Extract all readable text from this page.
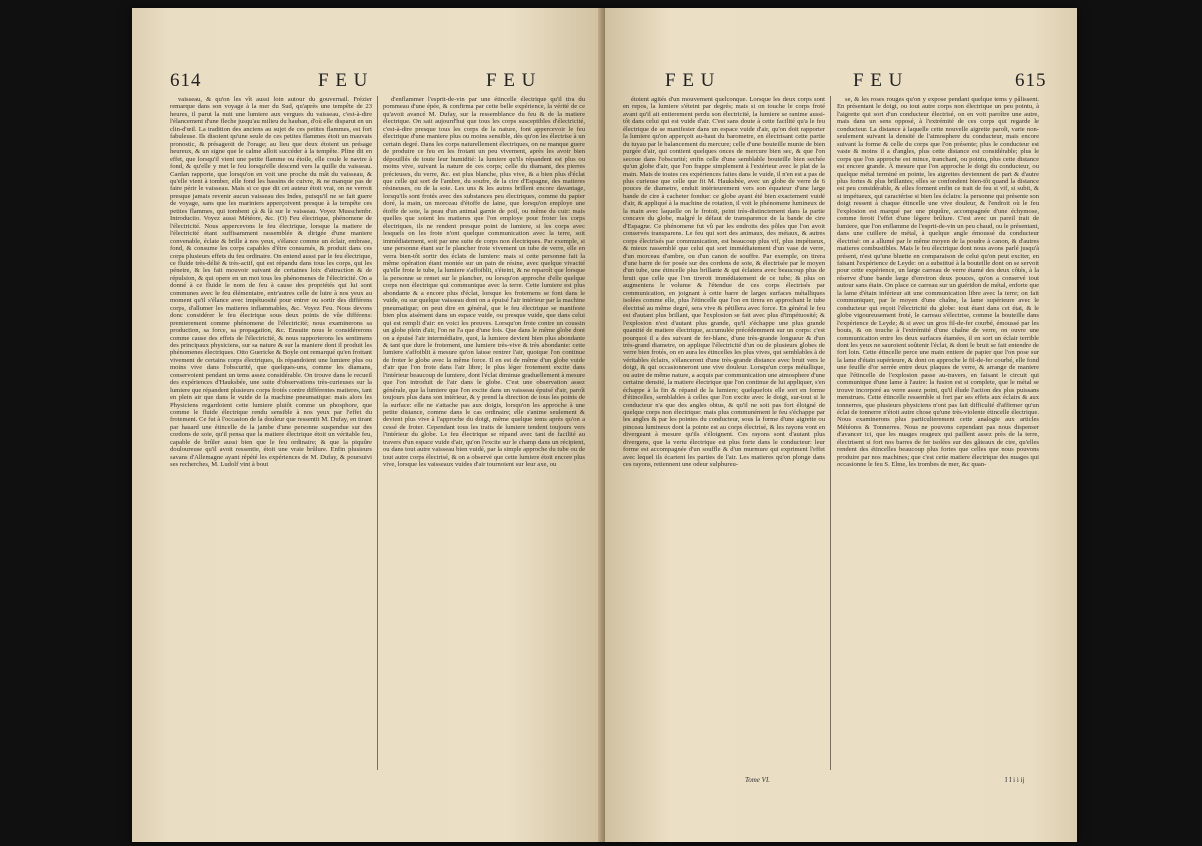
614	F E U	F E U

vaisseau, & qu'on les vît aussi loin autour du gouvernail. Frézier remarque dans son voyage à la mer du Sud, qu'après une tempête de 23 heures, il parut la nuit une lumiere aux vergues du vaisseau, c'est-à-dire l'élancement d'une fleche jusqu'au milieu du hauban, d'où elle disparut en un clin-d'œil. La tradition des anciens au sujet de ces petites flammes, est fort fabuleuse. Ils disoient qu'une seule de ces petites flammes étoit un mauvais pronostic, & présageoit de l'orage; au lieu que deux étoient un présage heureux, & un signe que le calme alloit succéder à la tempête. Pline dit en effet, que lorsqu'il vient une petite flamme ou étoile, elle coule le navire à fond, & qu'elle y met le feu lorsqu'elle descend vers la quille du vaisseau. Cardan rapporte, que lorsqu'on en voit une proche du mât du vaisseau, & qu'elle vient à tomber, elle fond les bassins de cuivre, & ne manque pas de faire périr le vaisseau. Mais si ce que dit cet auteur étoit vrai, on ne verroit presque jamais revenir aucun vaisseau des Indes, puisqu'il ne se fait guere de voyage, sans que les mariniers apperçoivent presque à la tempête ces petites flammes, qui tombent çà & là sur le vaisseau. Voyez Musschenbr. Introductio. Voyez aussi Météore, &c. (O) Feu électrique, phénomene de l'électricité. Nous appercevons le feu électrique, lorsque la matiere de l'électricité étant suffisamment rassemblée & dirigée d'une maniere convenable, éclate & brille à nos yeux, s'élance comme un éclair, embrase, fond, & consume les corps capables d'être consumés, & produit dans ces corps plusieurs effets du feu ordinaire. On entend aussi par le feu électrique, ce fluide très-délié & très-actif, qui est répandu dans tous les corps, qui les pénetre, & les fait mouvoir suivant de certaines loix d'attraction & de répulsion, & qui opere en un mot tous les phénomenes de l'électricité. On a donné à ce fluide le nom de feu à cause des propriétés qui lui sont communes avec le feu élémentaire, entr'autres celle de luire à nos yeux au moment qu'il s'élance avec impétuosité pour entrer ou sortir des différens corps, d'allumer les matieres inflammables, &c. Voyez Feu. Nous devons donc considérer le feu électrique sous deux points de vûe différens: premierement comme phénomene de l'électricité; nous examinerons sa production, sa force, sa propagation, &c. Ensuite nous le considérerons comme cause des effets de l'électricité, & nous rapporterons les sentimens des principaux physiciens, sur sa nature & sur la maniere dont il produit les phénomenes électriques. Otto Guericke & Boyle ont remarqué qu'en frottant vivement de certains corps électriques, ils répandoient une lumiere plus ou moins vive dans l'obscurité, que quelques-uns, comme les diamans, conservoient pendant un tems assez considérable. On trouve dans le recueil des expériences d'Hauksbée, une suite d'observations très-curieuses sur la lumiere que répandent plusieurs corps frotés contre différentes matieres, tant en plein air que dans le vuide de la machine pneumatique: mais alors les Physiciens regardoient cette lumiere plutôt comme un phosphore, que comme le fluide électrique rendu sensible à nos yeux par l'effet du frotement. Ce fut à l'occasion de la douleur que ressentit M. Dufay, en tirant par hasard une étincelle de la jambe d'une personne suspendue sur des cordons de soie, qu'il pensa que la matiere électrique étoit un véritable feu, capable de brûler aussi bien que le feu ordinaire; & que la piquûre douloureuse qu'il avoit ressentie, étoit une vraie brûlure. Enfin plusieurs savans d'Allemagne ayant répété les expériences de M. Dufay, & poursuivi ses recherches, M. Ludolf vint à bout

d'enflammer l'esprit-de-vin par une étincelle électrique qu'il tira du pommeau d'une épée, & confirma par cette belle expérience, la vérité de ce qu'avoit avancé M. Dufay, sur la ressemblance du feu & de la matiere électrique. On sait aujourd'hui que tous les corps susceptibles d'électricité, c'est-à-dire presque tous les corps de la nature, font appercevoir le feu électrique d'une maniere plus ou moins sensible, dès qu'on les électrise à un certain degré. Dans les corps naturellement électriques, on ne manque guere de produire ce feu en les frotant un peu vivement, après les avoir bien dépouillés de toute leur humidité: la lumiere qu'ils répandent est plus ou moins vive, suivant la nature de ces corps; celle du diamant, des pierres précieuses, du verre, &c. est plus blanche, plus vive, & a bien plus d'éclat que celle qui sort de l'ambre, du soufre, de la cire d'Espagne, des matieres résineuses, ou de la soie. Les uns & les autres brillent encore davantage, lorsqu'ils sont frotés avec des substances peu électriques, comme du papier doré, la main, un morceau d'étoffe de laine, que lorsqu'on employe une étoffe de soie, la peau d'un animal garnie de poil, ou même du cuir: mais quelles que soient les matieres que l'on employe pour froter les corps électriques, ils ne rendent presque point de lumiere, si les corps avec lesquels on les frote n'ont quelque communication avec la terre, soit immédiatement, soit par une suite de corps non électriques. Par exemple, si une personne étant sur le plancher frote vivement un tube de verre, elle en verra bien-tôt sortir des éclats de lumiere: mais si cette personne fait la même opération étant montée sur un pain de résine, avec quelque vivacité qu'elle frote le tube, la lumiere s'affoiblit, s'éteint, & ne reparoît que lorsque la personne se remet sur le plancher, ou lorsqu'on approche d'elle quelque corps non électrique qui communique avec la terre. Cette lumiere est plus abondante & a encore plus d'éclat, lorsque les frotemens se font dans le vuide, ou sur quelque vaisseau dont on a épuisé l'air intérieur par la machine pneumatique; on peut dire en général, que le feu électrique se manifeste bien plus aisément dans un espace vuide, ou presque vuide, que dans celui qui est rempli d'air: en voici les preuves. Lorsqu'on frote contre un coussin un globe plein d'air, l'on ne l'a que d'une fois. Que dans le même globe dont on a épuisé l'air intermédiaire, quoi, la lumiere devient bien plus abondante & tant que dure le frotement, une lumiere très-vive & très abondante: cette lumiere s'affoiblit à mesure qu'on laisse rentrer l'air, quoique l'on continue de froter le globe avec la même force. Il en est de même d'un globe vuide d'air que l'on frote dans l'air libre; le plus léger frotement excite dans l'intérieur beaucoup de lumiere, dont l'éclat diminue graduellement à mesure que l'on introduit de l'air dans le globe. C'est une observation assez générale, que la lumiere que l'on excite dans un vaisseau épuisé d'air, paroît toujours plus dans son intérieur, & y prend la direction de tous les points de la surface: elle ne s'attache pas aux doigts, lorsqu'on les approche à une petite distance, comme dans le cas ordinaire; elle s'anime seulement & devient plus vive à l'approche du doigt, même quelque tems après qu'on a cessé de froter. Cependant tous les traits de lumiere tendent toujours vers l'intérieur du globe. Le feu électrique se répand avec tant de facilité au travers d'un espace vuide d'air, qu'on l'excite sur le champ dans un récipient, ou dans tout autre vaisseau bien vuidé, par la simple approche du tube ou de tout autre corps électrisé, & on a observé que cette lumiere étoit encore plus vive, lorsque les vaisseaux vuides d'air tournoient sur leur axe, ou

F E U	F E U	615

étoient agités d'un mouvement quelconque. Lorsque les deux corps sont en repos, la lumiere s'éteint par degrés; mais si on touche le corps froté avant qu'il ait entierement perdu son électricité, la lumiere se ranime aussi-tôt dans celui qui est vuide d'air. C'est sans doute à cette facilité qu'a le feu électrique de se manifester dans un espace vuide d'air, qu'on doit rapporter la lumiere qu'on apperçoit au-haut du barometre, en électrisant cette partie du tuyau par le balancement du mercure; celle d'une bouteille munie de bien purgée d'air, qui contient quelques onces de mercure bien sec, & que l'on secoue dans l'obscurité; enfin celle d'une semblable bouteille bien sechée qu'un globe d'air, que l'on frappe simplement à l'extérieur avec le plat de la main. Mais de toutes ces expériences faites dans le vuide, il n'en est a pas de plus curieuse que celle que fit M. Hauksbée, avec un globe de verre de 6 pouces de diametre, enduit intérieurement vers son équateur d'une large bande de cire à cacheter fondue: ce globe ayant été bien exactement vuidé d'air, & appliqué à la machine de rotation, il voit le phénomene lumineux de la main avec laquelle on le frotoit, peint très-distinctement dans la partie concave du globe, malgré le défaut de transparence de la bande de cire d'Espagne. Ce phénomene fut vû par les endroits des pôles que l'on avoit conservés transparens. Le feu qui sort des animaux, des métaux, & autres corps électrisés par communication, est beaucoup plus vif, plus impétueux, & mieux rassemblé que celui qui sort immédiatement d'un vase de verre, d'un morceau d'ambre, ou d'un canon de souffre. Par exemple, on tirera d'une barre de fer posée sur des cordons de soie, & électrisée par le moyen d'un tube, une étincelle plus brillante & qui éclatera avec beaucoup plus de bruit que celle que l'on tireroit immédiatement de ce tube; & plus on augmentera le volume & l'étendue de ces corps électrisés par communication, en joignant à cette barre de larges surfaces métalliques isolées comme elle, plus l'étincelle que l'on en tirera en approchant le tube électrisé au même degré, sera vive & pétillera avec force. En général le feu est d'autant plus brillant, que l'explosion se fait avec plus d'impétuosité; & l'explosion n'est d'autant plus grande, qu'il s'échappe une plus grande quantité de matiere électrique, accumulée précédemment sur un corps: c'est pourquoi il a des suivant de fer-blanc, d'une très-grande longueur & d'un très-grand diametre, on applique l'électricité d'un ou de plusieurs globes de verre bien frotés, on en aura les étincelles les plus vives, qui semblables à de véritables éclairs, s'élanceront d'une très-grande distance avec bruit vers le doigt, & qui occasionneront une vive douleur. Lorsqu'un corps métallique, ou autre de même nature, a acquis par communication une atmosphere d'une certaine densité, la matiere électrique que l'on continue de lui appliquer, s'en échappe à la fin & répand de la lumiere; quelquefois elle sort en forme d'étincelles, semblables à celles que l'on excite avec le doigt, sur-tout si le conducteur n'a que des angles obtus, & qu'il ne soit pas fort éloigné de quelque corps non électrique: mais plus communément le feu s'échappe par les angles & par les pointes du conducteur, sous la forme d'une aigrette ou pinceau lumineux dont la pointe est au corps électrisé, & les rayons vont en divergeant à mesure qu'ils s'éloignent. Ces rayons sont d'autant plus divergens, que la vertu électrique est plus forte dans le conducteur: leur forme est accompagnée d'un souffle & d'un murmure qui expriment l'effet avec lequel ils écartent les parties de l'air. Les matieres qu'on plonge dans ces rayons, retiennent une odeur sulphureu-

se, & les roses rouges qu'on y expose pendant quelque tems y pâlissent. En présentant le doigt, ou tout autre corps non électrique un peu pointu, à l'aigrette qui sort d'un conducteur électrisé, on en voit paroître une autre, mais dans un sens opposé, à l'extrémité de ces corps qui regarde le conducteur. La distance à laquelle cette nouvelle aigrette paroît, varie non-seulement suivant la densité de l'atmosphere du conducteur, mais encore suivant la forme & celle du corps que l'on présente; plus le conducteur est vaste & moins il a d'angles, plus cette distance est considérable; plus le corps que l'on approche est mince, tranchant, ou pointu, plus cette distance est encore grande. À mesure que l'on approche le doigt du conducteur, ou quelque métal terminé en pointe, les aigrettes deviennent de part & d'autre plus fortes & plus brillantes; elles se confondent bien-tôt quand la distance est peu considérable, & elles forment enfin ce trait de feu si vif, si subit, & si impétueux, qui caractérise si bien les éclairs: la personne qui présente son doigt ressent à chaque étincelle une vive douleur, & l'endroit où le feu l'explosion est marqué par une piquûre, accompagnée d'une échymose, comme feroit l'effet d'une légere brûlure. C'est avec un pareil trait de lumiere, que l'on enflamme de l'esprit-de-vin un peu chaud, ou le présentant, dans une cuillere de métal, à quelque angle émoussé du conducteur électrisé: on a allumé par le même moyen de la poudre à canon, & d'autres matieres combustibles. Mais le feu électrique dont nous avons parlé jusqu'à présent, n'est qu'une bluette en comparaison de celui qu'on peut exciter, en faisant l'expérience de Leyde: on a substitué à la bouteille dont on se servoit pour cette expérience, un large carreau de verre étamé des deux côtés, à la réserve d'une bande large d'environ deux pouces, qu'on a conservé tout autour sans étain. On place ce carreau sur un guéridon de métal, enforte que la lame d'étain inférieur ait une communication libre avec la terre; on fait communiquer, par le moyen d'une chaîne, la lame supérieure avec le conducteur qui reçoit l'électricité du globe: tout étant dans cet état, & le globe vigoureusement froté, le carreau s'électrise, comme la bouteille dans l'expérience de Leyde; & si avec un gros fil-de-fer courbé, émoussé par les bouts, & on touche à l'extrémité d'une chaîne de verre, on ouvre une communication entre les deux surfaces étamées, il en sort un éclair terrible dont les yeux ne sauroient soûtenir l'éclat, & dont le bruit se fait entendre de fort loin. Cette étincelle perce une main entiere de papier que l'on pose sur la lame d'étain supérieure, & dont on approche le fil-de-fer courbé, elle fond une feuille d'or serrée entre deux plaques de verre, & arrange de maniere que l'étincelle de l'explosion passe au-travers, en faisant le circuit qui communique d'une lame à l'autre: la fusion est si complete, que le métal se trouve incorporé au verre assez point, qu'il élude l'action des plus puissans menstrues. Cette étincelle ressemble si fort par ses effets aux éclairs & aux tonnerres, que plusieurs physiciens n'ont pas fait difficulté d'affirmer qu'un éclat de tonnerre n'étoit autre chose qu'une très-violente étincelle électrique. Nous examinerons plus particulierement cette analogie aux articles Météores & Tonnerres. Nous ne pouvons cependant pas nous dispenser d'avancer ici, que les nuages orageux qui paillent assez près de la terre, électrisent si fort nos barres de fer isolées sur des gâteaux de cire, qu'elles rendent des étincelles beaucoup plus fortes que celles que nous pouvons produire par nos machines; que c'est cette matiere électrique des nuages qui occasionne le feu S. Elme, les trombes de mer, &c quan-

Tome VI.	I I i i ij
